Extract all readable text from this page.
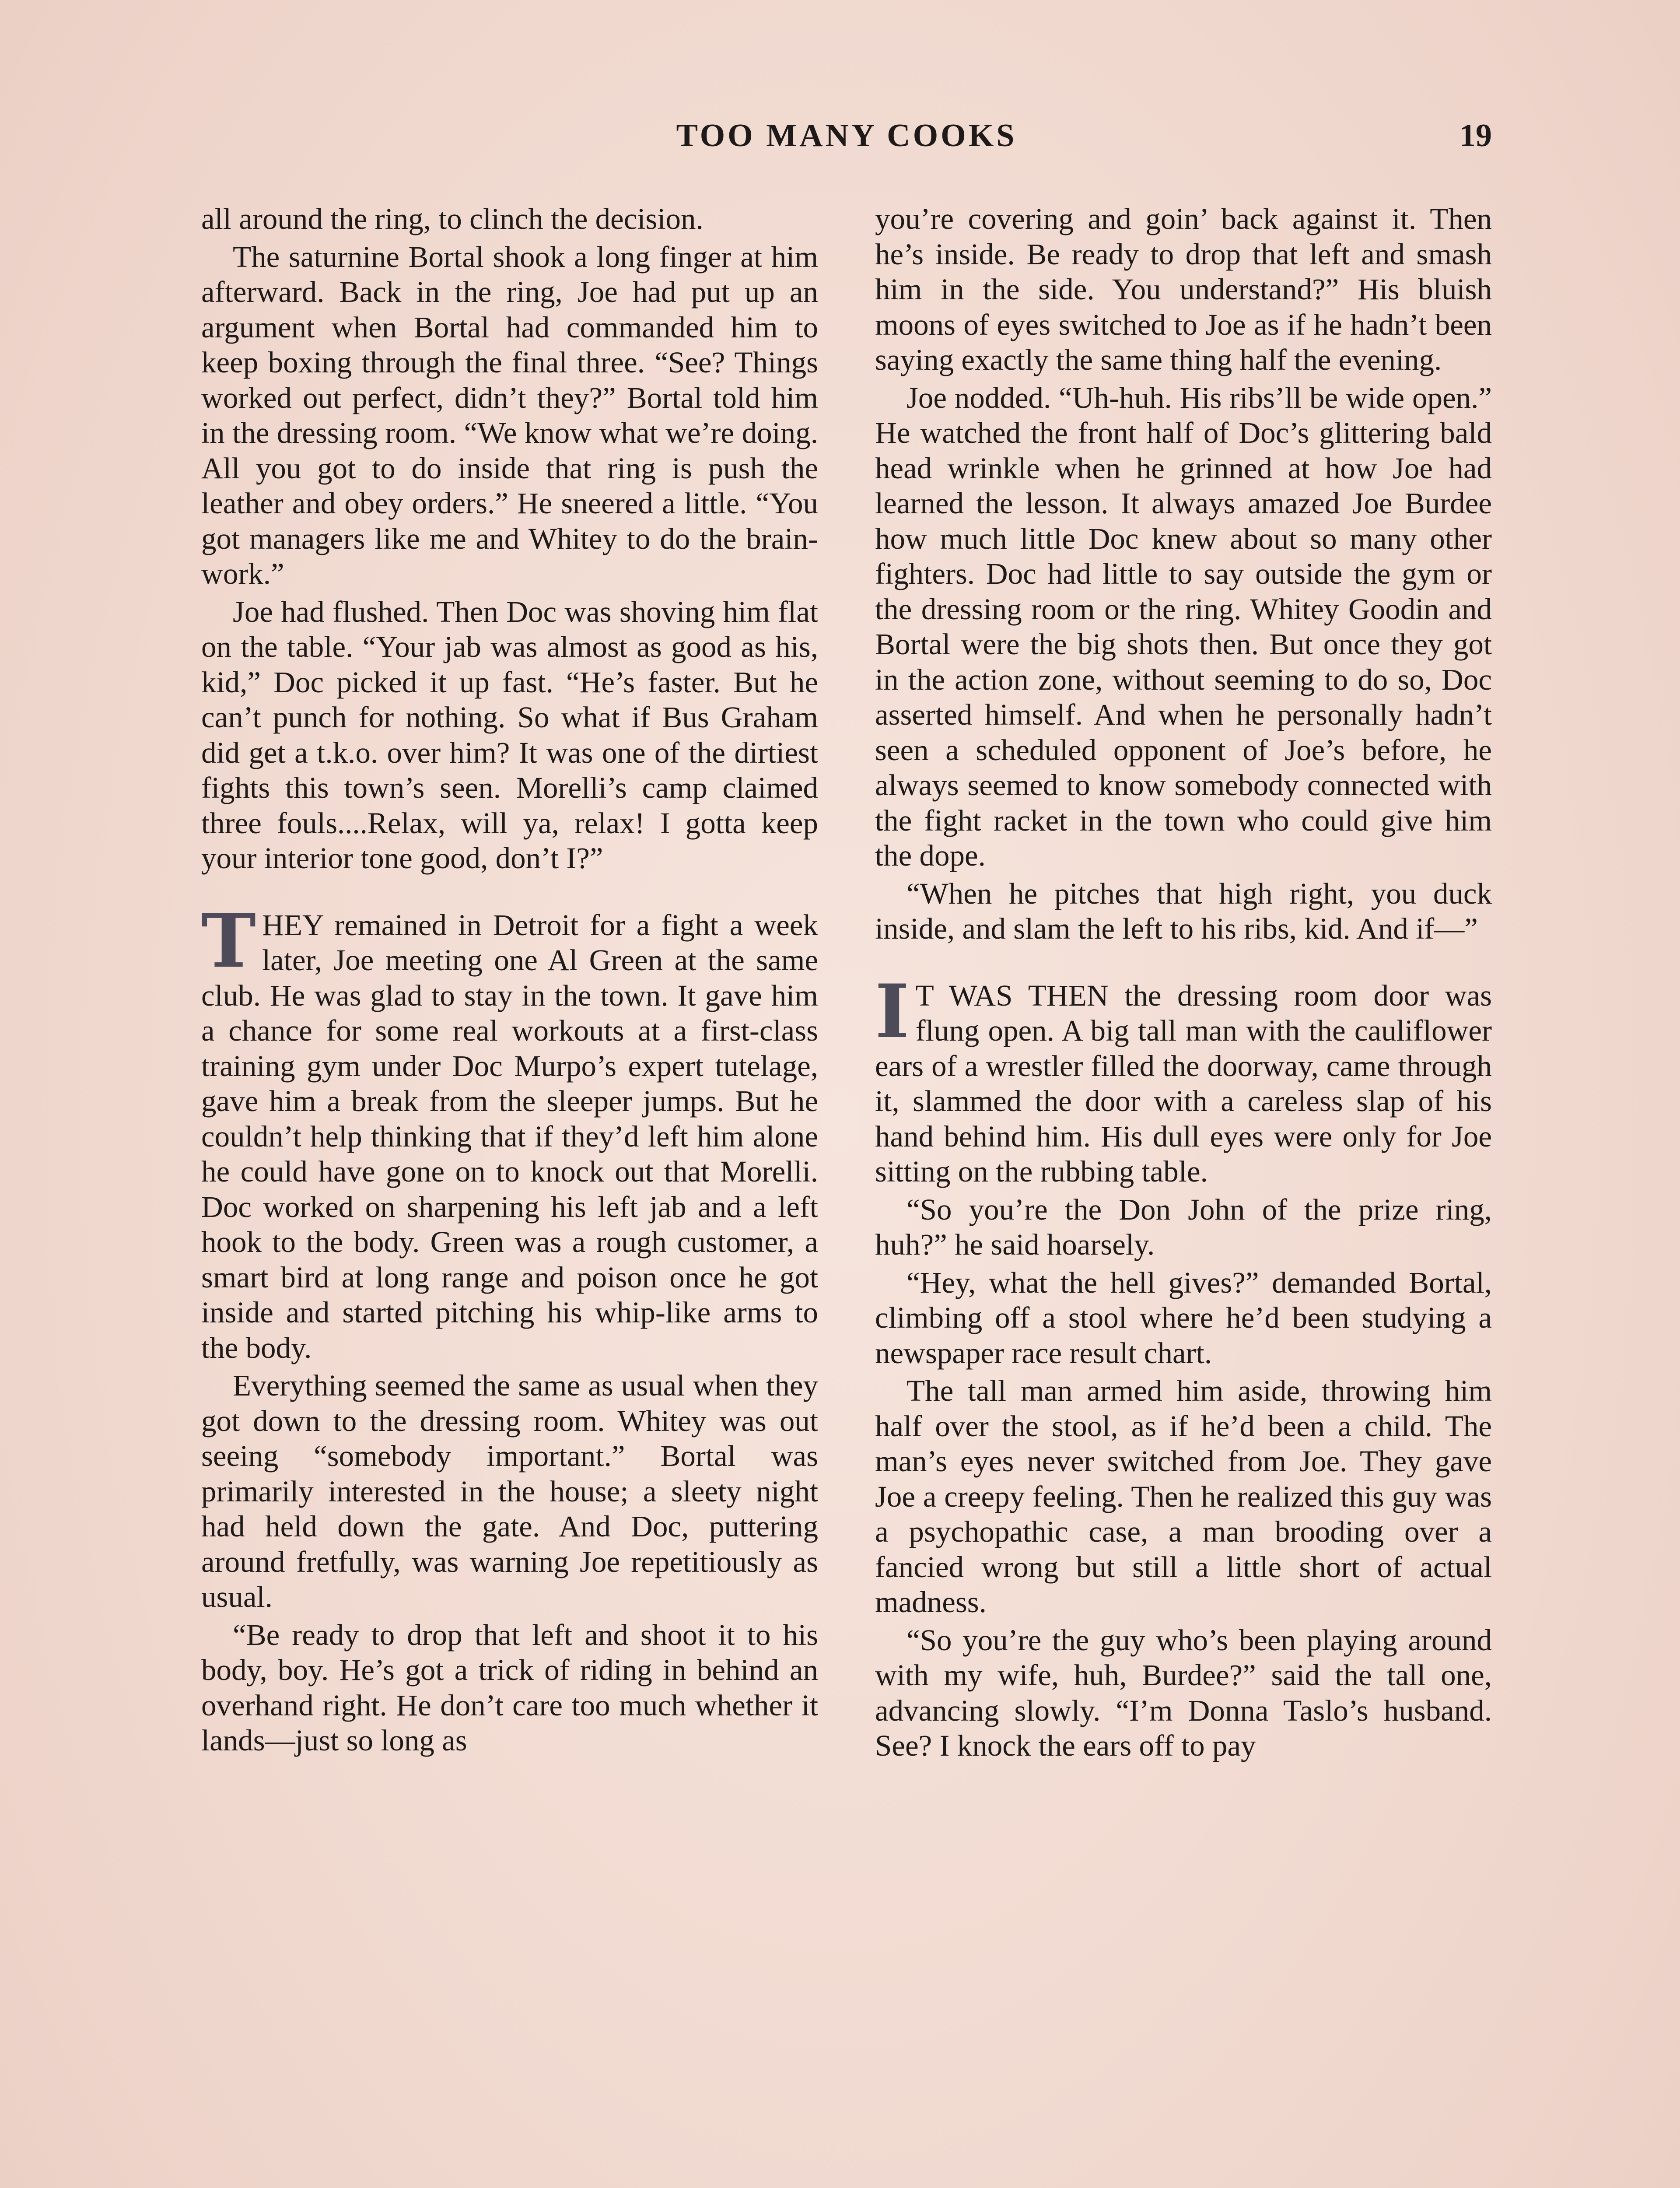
TOO MANY COOKS	19

all around the ring, to clinch the decision.

The saturnine Bortal shook a long finger at him afterward. Back in the ring, Joe had put up an argument when Bortal had commanded him to keep boxing through the final three. “See? Things worked out perfect, didn’t they?” Bortal told him in the dressing room. “We know what we’re doing. All you got to do inside that ring is push the leather and obey orders.” He sneered a little. “You got managers like me and Whitey to do the brain-work.”

Joe had flushed. Then Doc was shoving him flat on the table. “Your jab was almost as good as his, kid,” Doc picked it up fast. “He’s faster. But he can’t punch for nothing. So what if Bus Graham did get a t.k.o. over him? It was one of the dirtiest fights this town’s seen. Morelli’s camp claimed three fouls....Relax, will ya, relax! I gotta keep your interior tone good, don’t I?”

THEY remained in Detroit for a fight a week later, Joe meeting one Al Green at the same club. He was glad to stay in the town. It gave him a chance for some real workouts at a first-class training gym under Doc Murpo’s expert tutelage, gave him a break from the sleeper jumps. But he couldn’t help thinking that if they’d left him alone he could have gone on to knock out that Morelli. Doc worked on sharpening his left jab and a left hook to the body. Green was a rough customer, a smart bird at long range and poison once he got inside and started pitching his whip-like arms to the body.

Everything seemed the same as usual when they got down to the dressing room. Whitey was out seeing “somebody important.” Bortal was primarily interested in the house; a sleety night had held down the gate. And Doc, puttering around fretfully, was warning Joe repetitiously as usual.

“Be ready to drop that left and shoot it to his body, boy. He’s got a trick of riding in behind an overhand right. He don’t care too much whether it lands—just so long as

you’re covering and goin’ back against it. Then he’s inside. Be ready to drop that left and smash him in the side. You understand?” His bluish moons of eyes switched to Joe as if he hadn’t been saying exactly the same thing half the evening.

Joe nodded. “Uh-huh. His ribs’ll be wide open.” He watched the front half of Doc’s glittering bald head wrinkle when he grinned at how Joe had learned the lesson. It always amazed Joe Burdee how much little Doc knew about so many other fighters. Doc had little to say outside the gym or the dressing room or the ring. Whitey Goodin and Bortal were the big shots then. But once they got in the action zone, without seeming to do so, Doc asserted himself. And when he personally hadn’t seen a scheduled opponent of Joe’s before, he always seemed to know somebody connected with the fight racket in the town who could give him the dope.

“When he pitches that high right, you duck inside, and slam the left to his ribs, kid. And if—”

I T WAS THEN the dressing room door was flung open. A big tall man with the cauliflower ears of a wrestler filled the doorway, came through it, slammed the door with a careless slap of his hand behind him. His dull eyes were only for Joe sitting on the rubbing table.

“So you’re the Don John of the prize ring, huh?” he said hoarsely.

“Hey, what the hell gives?” demanded Bortal, climbing off a stool where he’d been studying a newspaper race result chart.

The tall man armed him aside, throwing him half over the stool, as if he’d been a child. The man’s eyes never switched from Joe. They gave Joe a creepy feeling. Then he realized this guy was a psychopathic case, a man brooding over a fancied wrong but still a little short of actual madness.

“So you’re the guy who’s been playing around with my wife, huh, Burdee?” said the tall one, advancing slowly. “I’m Donna Taslo’s husband. See? I knock the ears off to pay
